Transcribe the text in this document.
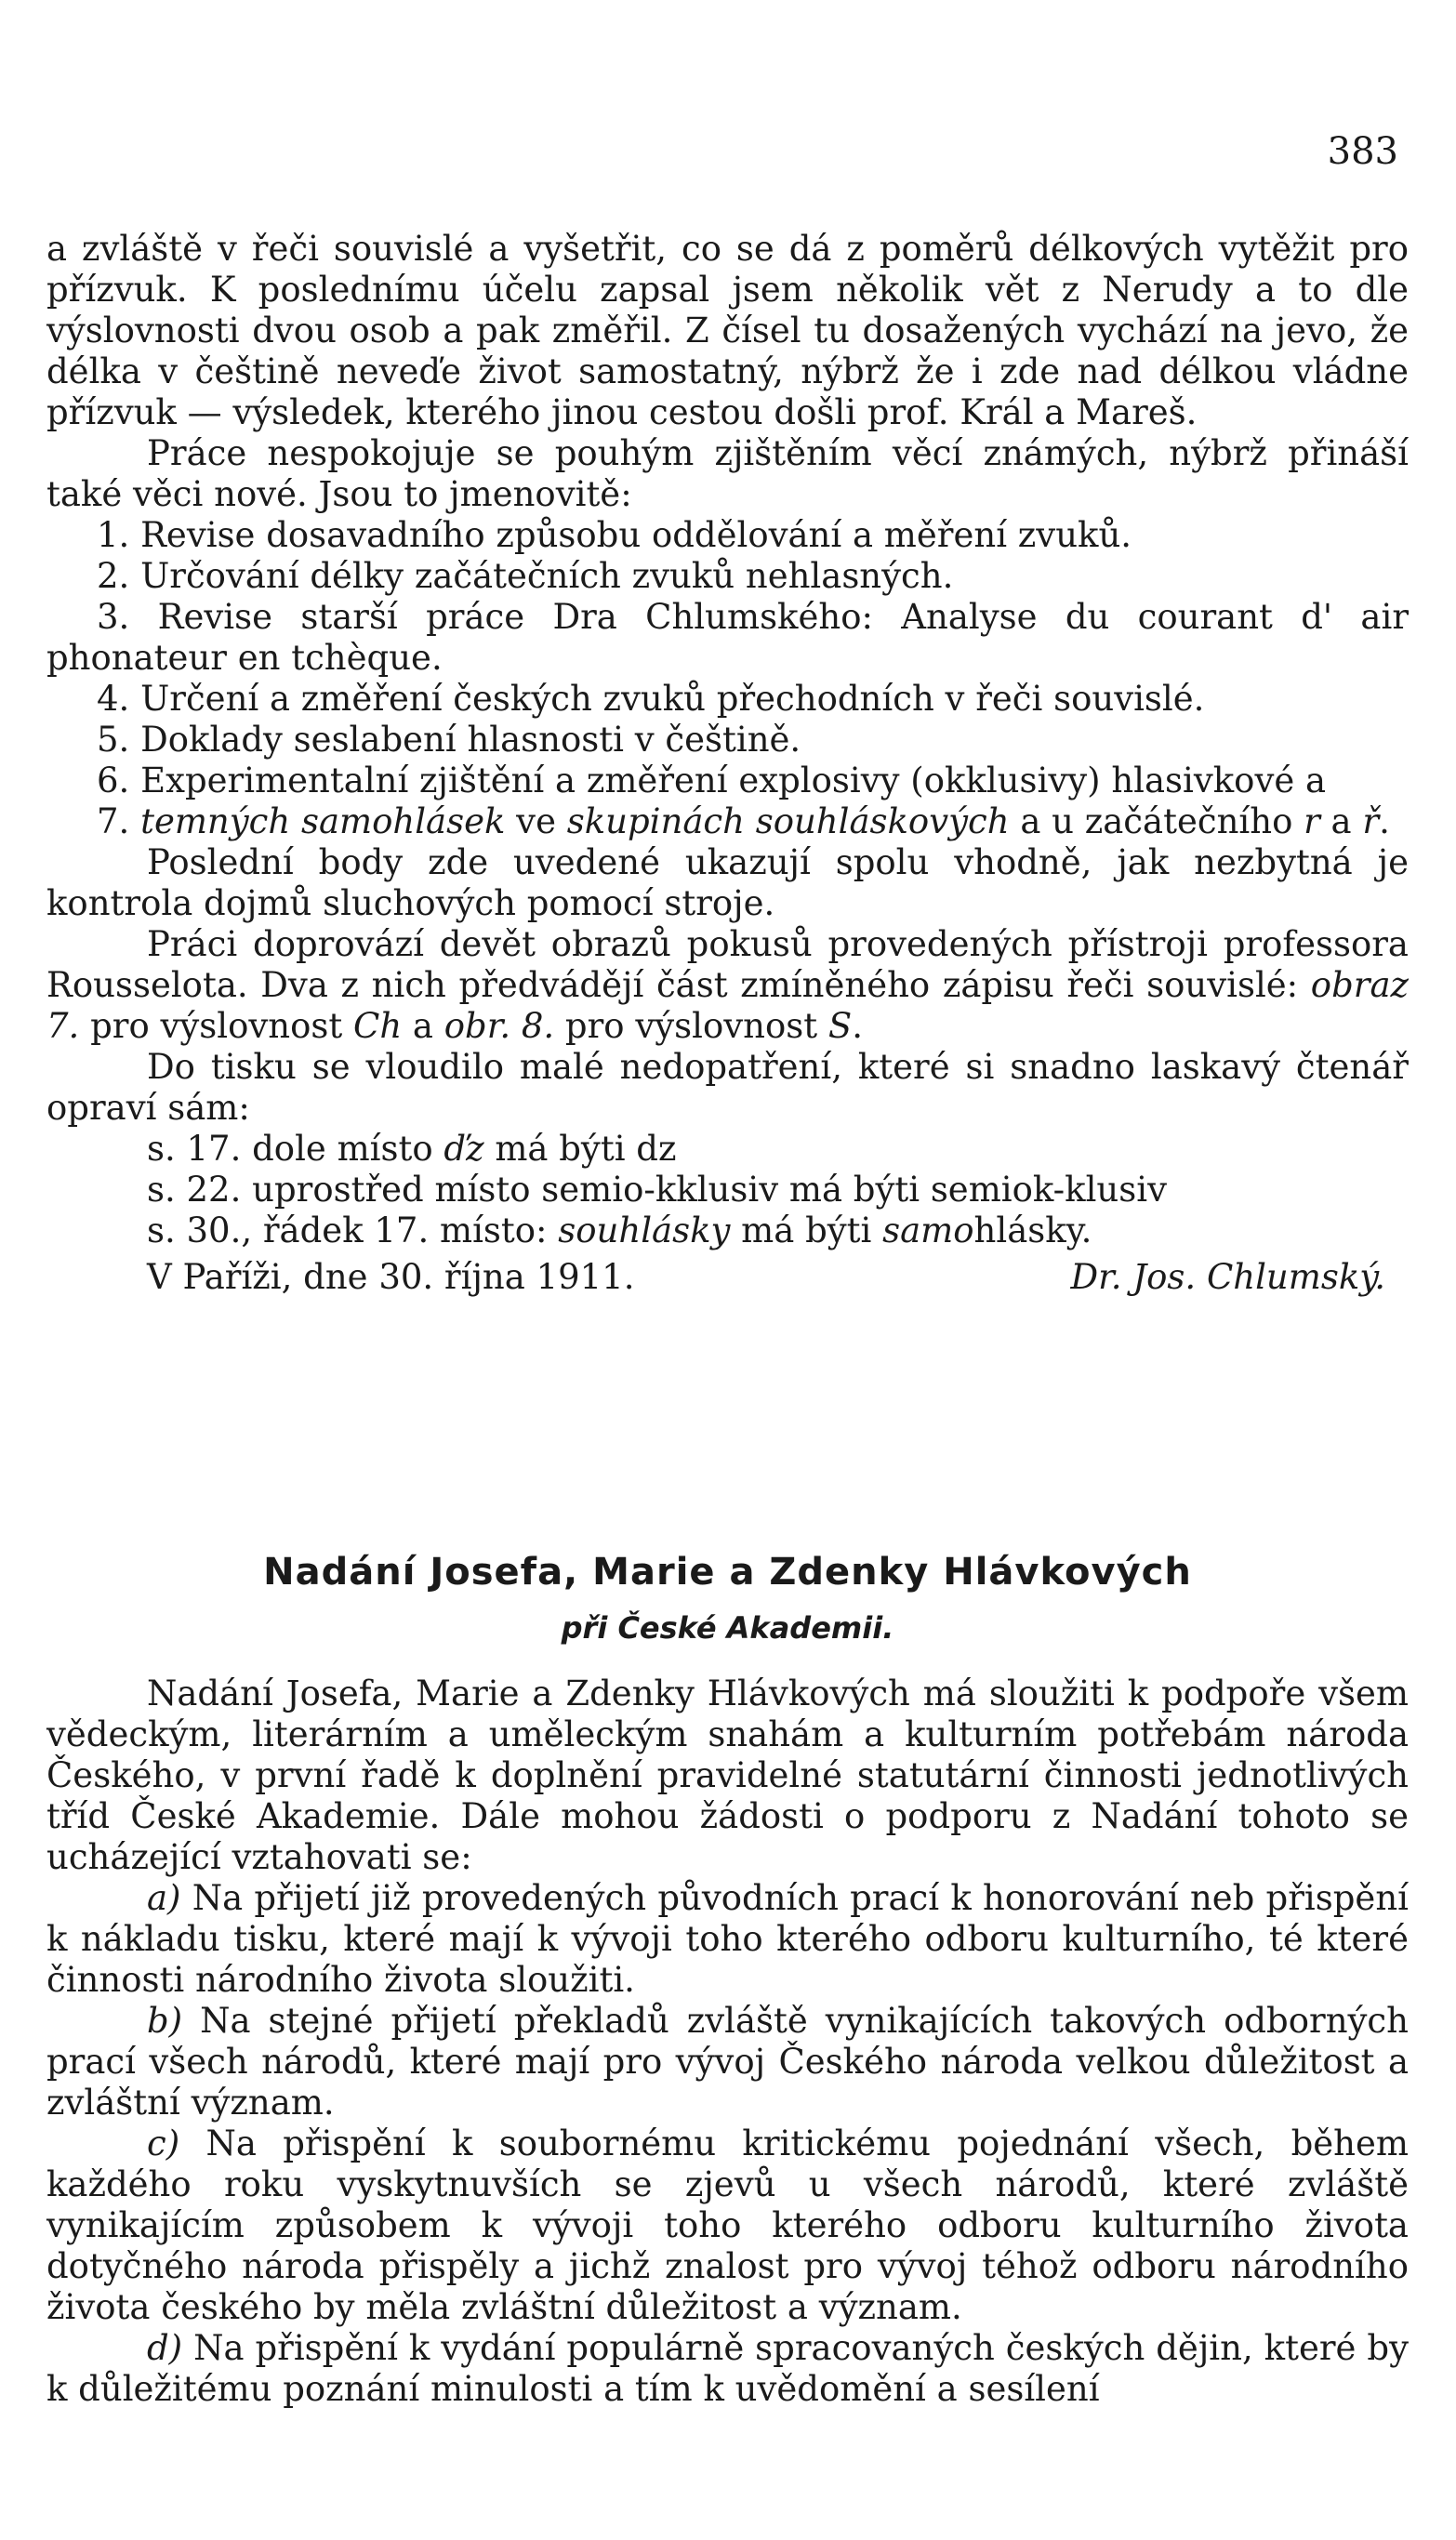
383

a zvláště v řeči souvislé a vyšetřit, co se dá z poměrů délkových vytěžit pro přízvuk. K poslednímu účelu zapsal jsem několik vět z Nerudy a to dle výslovnosti dvou osob a pak změřil. Z čísel tu dosažených vychází na jevo, že délka v češtině neveďe život samostatný, nýbrž že i zde nad délkou vládne přízvuk — výsledek, kterého jinou cestou došli prof. Král a Mareš.

Práce nespokojuje se pouhým zjištěním věcí známých, nýbrž přináší také věci nové. Jsou to jmenovitě:

1. Revise dosavadního způsobu oddělování a měření zvuků.

2. Určování délky začátečních zvuků nehlasných.

3. Revise starší práce Dra Chlumského: Analyse du courant d' air phonateur en tchèque.

4. Určení a změření českých zvuků přechodních v řeči souvislé.

5. Doklady seslabení hlasnosti v češtině.

6. Experimentalní zjištění a změření explosivy (okklusivy) hlasivkové a

7. temných samohlásek ve skupinách souhláskových a u začátečního r a ř.

Poslední body zde uvedené ukazují spolu vhodně, jak nezbytná je kontrola dojmů sluchových pomocí stroje.

Práci doprovází devět obrazů pokusů provedených přístroji professora Rousselota. Dva z nich předvádějí část zmíněného zápisu řeči souvislé: obraz 7. pro výslovnost Ch a obr. 8. pro výslovnost S.

Do tisku se vloudilo malé nedopatření, které si snadno laskavý čtenář opraví sám:

s. 17. dole místo ďz má býti dz

s. 22. uprostřed místo semio-kklusiv má býti semiok-klusiv

s. 30., řádek 17. místo: souhlásky má býti samohlásky.

V Paříži, dne 30. října 1911.	Dr. Jos. Chlumský.
Nadání Josefa, Marie a Zdenky Hlávkových
při České Akademii.

Nadání Josefa, Marie a Zdenky Hlávkových má sloužiti k podpoře všem vědeckým, literárním a uměleckým snahám a kulturním potřebám národa Českého, v první řadě k doplnění pravidelné statutární činnosti jednotlivých tříd České Akademie. Dále mohou žádosti o podporu z Nadání tohoto se ucházející vztahovati se:

a) Na přijetí již provedených původních prací k honorování neb přispění k nákladu tisku, které mají k vývoji toho kterého odboru kulturního, té které činnosti národního života sloužiti.

b) Na stejné přijetí překladů zvláště vynikajících takových odborných prací všech národů, které mají pro vývoj Českého národa velkou důležitost a zvláštní význam.

c) Na přispění k soubornému kritickému pojednání všech, během každého roku vyskytnuvších se zjevů u všech národů, které zvláště vynikajícím způsobem k vývoji toho kterého odboru kulturního života dotyčného národa přispěly a jichž znalost pro vývoj téhož odboru národního života českého by měla zvláštní důležitost a význam.

d) Na přispění k vydání populárně spracovaných českých dějin, které by k důležitému poznání minulosti a tím k uvědomění a sesílení
